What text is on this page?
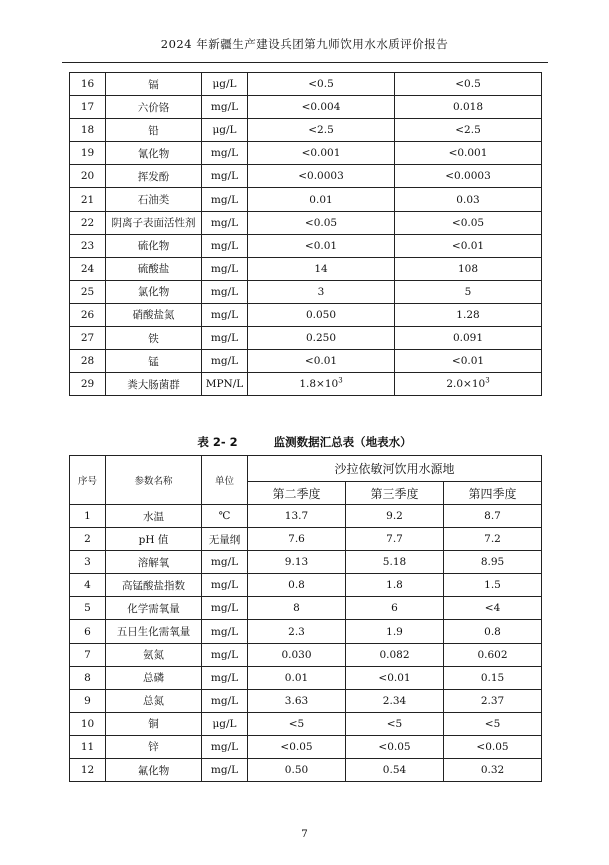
2024 年新疆生产建设兵团第九师饮用水水质评价报告
16	镉	μg/L	<0.5	<0.5
17	六价铬	mg/L	<0.004	0.018
18	铅	μg/L	<2.5	<2.5
19	氰化物	mg/L	<0.001	<0.001
20	挥发酚	mg/L	<0.0003	<0.0003
21	石油类	mg/L	0.01	0.03
22	阴离子表面活性剂	mg/L	<0.05	<0.05
23	硫化物	mg/L	<0.01	<0.01
24	硫酸盐	mg/L	14	108
25	氯化物	mg/L	3	5
26	硝酸盐氮	mg/L	0.050	1.28
27	铁	mg/L	0.250	0.091
28	锰	mg/L	<0.01	<0.01
29	粪大肠菌群	MPN/L	$1.8\times 10^3$	$2.0\times 10^3$
表 2- 2	监测数据汇总表（地表水）
序号	参数名称	单位	沙拉依敏河饮用水源地		
			第二季度	第三季度	第四季度
1	水温	℃	13.7	9.2	8.7
2	pH 值	无量纲	7.6	7.7	7.2
3	溶解氧	mg/L	9.13	5.18	8.95
4	高锰酸盐指数	mg/L	0.8	1.8	1.5
5	化学需氧量	mg/L	8	6	<4
6	五日生化需氧量	mg/L	2.3	1.9	0.8
7	氨氮	mg/L	0.030	0.082	0.602
8	总磷	mg/L	0.01	<0.01	0.15
9	总氮	mg/L	3.63	2.34	2.37
10	铜	μg/L	<5	<5	<5
11	锌	mg/L	<0.05	<0.05	<0.05
12	氟化物	mg/L	0.50	0.54	0.32
7
